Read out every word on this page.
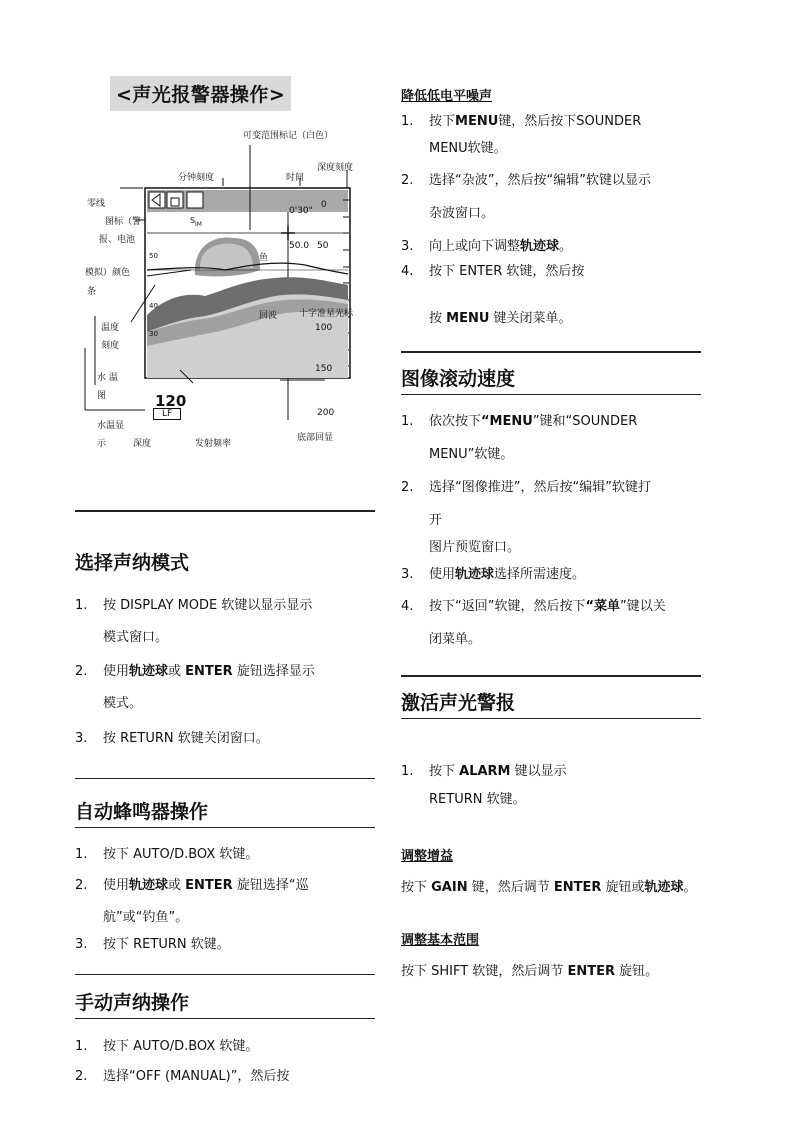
<声光报警器操作>
可变范围标记（白色）
分钟刻度	时间
深度刻度
零线
图标（警
报、电池
模拟）颜色
条
温度
刻度
水 温
图
水温显
示	深度	发射频率
底部回显
鱼
回波 十字准星光标
0'30"
50.0
S IM
0
50
100
150
200
50
40
30
120
LF
选择声纳模式
1.	按 DISPLAY MODE 软键以显示显示
模式窗口。
2.	使用轨迹球或 ENTER 旋钮选择显示
模式。
3.	按 RETURN 软键关闭窗口。
自动蜂鸣器操作
1.	按下 AUTO/D.BOX 软键。
2.	使用轨迹球或 ENTER 旋钮选择“巡
航”或“钓鱼”。
3.	按下 RETURN 软键。
手动声纳操作
1.	按下 AUTO/D.BOX 软键。
2.	选择“OFF (MANUAL)”，然后按
降低低电平噪声
1.	按下MENU键，然后按下SOUNDER
MENU软键。
2.	选择“杂波”，然后按“编辑”软键以显示
杂波窗口。
3.	向上或向下调整轨迹球。
4.	按下 ENTER 软键，然后按
按 MENU 键关闭菜单。
图像滚动速度
1.	依次按下“MENU”键和“SOUNDER
MENU”软键。
2.	选择“图像推进”，然后按“编辑”软键打
开
图片预览窗口。
3.	使用轨迹球选择所需速度。
4.	按下“返回”软键，然后按下“菜单”键以关
闭菜单。
激活声光警报
1.	按下 ALARM 键以显示
RETURN 软键。
调整增益
按下 GAIN 键，然后调节 ENTER 旋钮或轨迹球。
调整基本范围
按下 SHIFT 软键，然后调节 ENTER 旋钮。
